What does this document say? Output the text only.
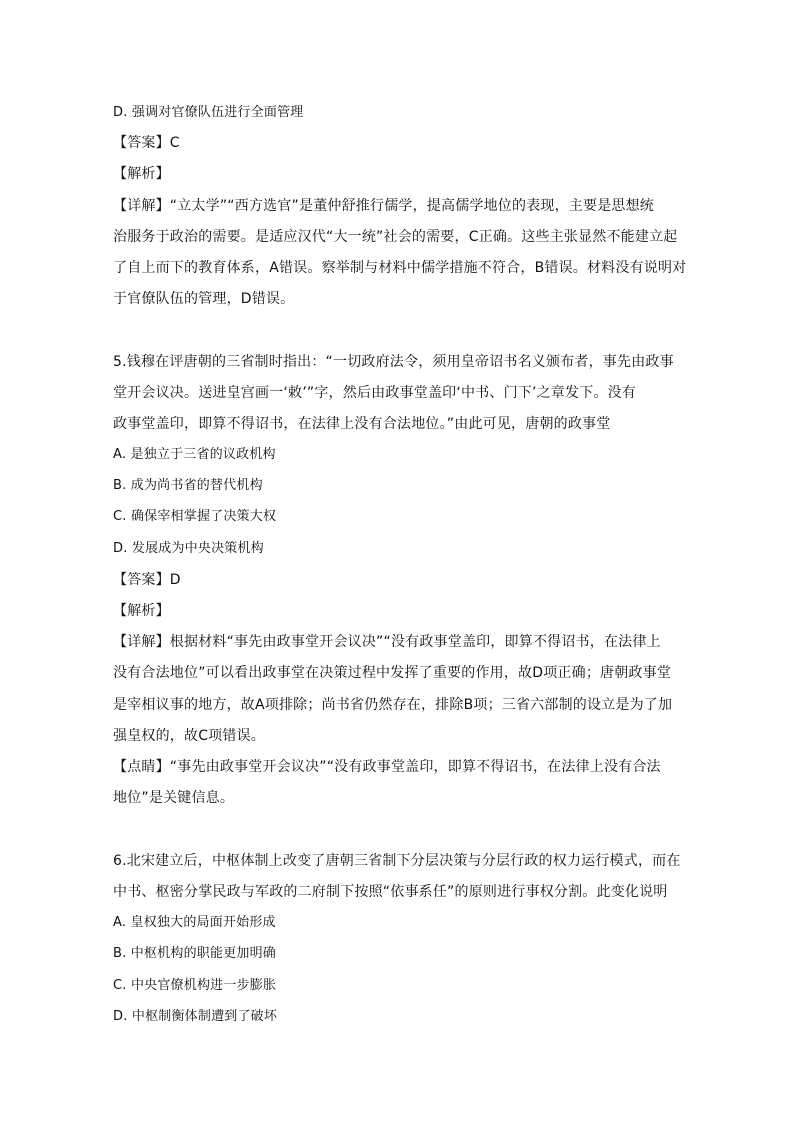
D. 强调对官僚队伍进行全面管理
【答案】C
【解析】
【详解】“立太学”“西方选官”是董仲舒推行儒学，提高儒学地位的表现，主要是思想统
治服务于政治的需要。是适应汉代“大一统”社会的需要，C正确。这些主张显然不能建立起
了自上而下的教育体系，A错误。察举制与材料中儒学措施不符合，B错误。材料没有说明对
于官僚队伍的管理，D错误。
5.钱穆在评唐朝的三省制时指出：“一切政府法令，须用皇帝诏书名义颁布者，事先由政事
堂开会议决。送进皇宫画一‘敕’”字，然后由政事堂盖印‘中书、门下’之章发下。没有
政事堂盖印，即算不得诏书，在法律上没有合法地位。”由此可见，唐朝的政事堂
A. 是独立于三省的议政机构
B. 成为尚书省的替代机构
C. 确保宰相掌握了决策大权
D. 发展成为中央决策机构
【答案】D
【解析】
【详解】根据材料“事先由政事堂开会议决”“没有政事堂盖印，即算不得诏书，在法律上
没有合法地位”可以看出政事堂在决策过程中发挥了重要的作用，故D项正确；唐朝政事堂
是宰相议事的地方，故A项排除；尚书省仍然存在，排除B项；三省六部制的设立是为了加
强皇权的，故C项错误。
【点睛】“事先由政事堂开会议决”“没有政事堂盖印，即算不得诏书，在法律上没有合法
地位”是关键信息。
6.北宋建立后，中枢体制上改变了唐朝三省制下分层决策与分层行政的权力运行模式，而在
中书、枢密分掌民政与军政的二府制下按照“依事系任”的原则进行事权分割。此变化说明
A. 皇权独大的局面开始形成
B. 中枢机构的职能更加明确
C. 中央官僚机构进一步膨胀
D. 中枢制衡体制遭到了破坏
